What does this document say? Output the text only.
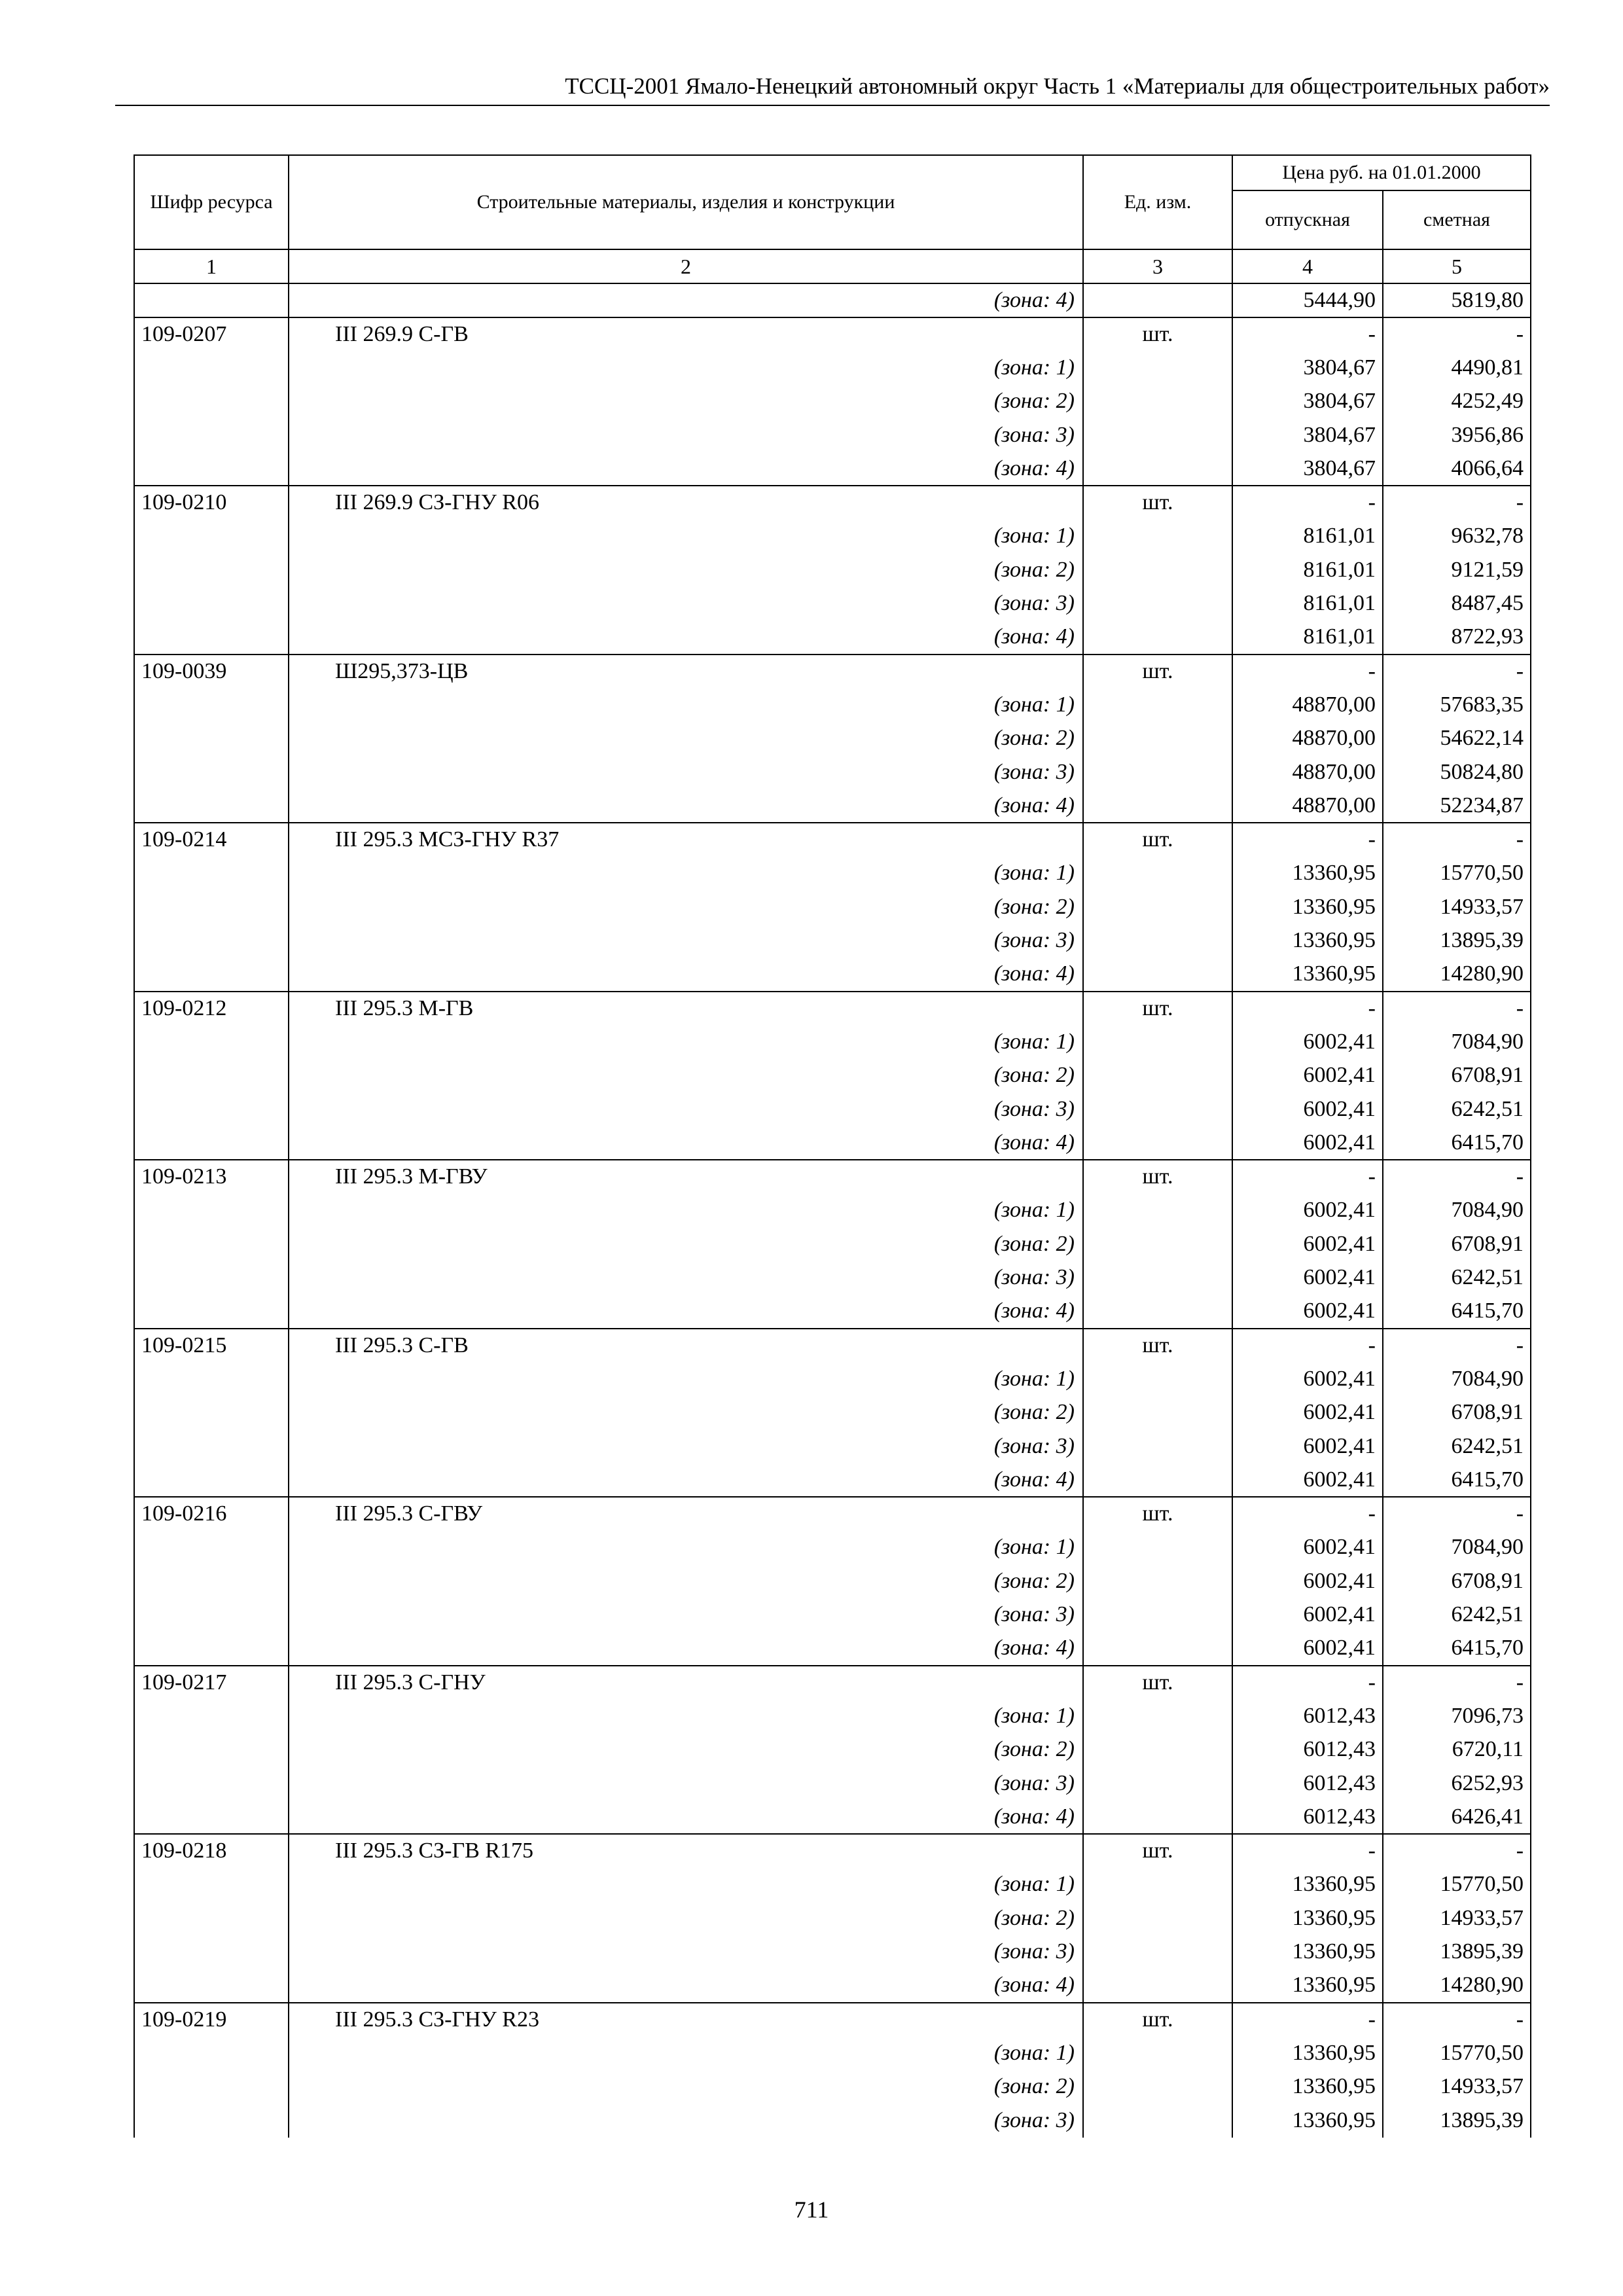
ТССЦ-2001 Ямало-Ненецкий автономный округ Часть 1 «Материалы для общестроительных работ»
Шифр ресурса	Строительные материалы, изделия и конструкции	Ед. изм.	Цена руб. на 01.01.2000	
			отпускная	сметная
1	2	3	4	5
	(зона: 4)		5444,90	5819,80
109-0207	III 269.9 С-ГВ	шт.	-	-
	(зона: 1)		3804,67	4490,81
	(зона: 2)		3804,67	4252,49
	(зона: 3)		3804,67	3956,86
	(зона: 4)		3804,67	4066,64
109-0210	III 269.9 СЗ-ГНУ R06	шт.	-	-
	(зона: 1)		8161,01	9632,78
	(зона: 2)		8161,01	9121,59
	(зона: 3)		8161,01	8487,45
	(зона: 4)		8161,01	8722,93
109-0039	Ш295,373-ЦВ	шт.	-	-
	(зона: 1)		48870,00	57683,35
	(зона: 2)		48870,00	54622,14
	(зона: 3)		48870,00	50824,80
	(зона: 4)		48870,00	52234,87
109-0214	III 295.3 МСЗ-ГНУ R37	шт.	-	-
	(зона: 1)		13360,95	15770,50
	(зона: 2)		13360,95	14933,57
	(зона: 3)		13360,95	13895,39
	(зона: 4)		13360,95	14280,90
109-0212	III 295.3 М-ГВ	шт.	-	-
	(зона: 1)		6002,41	7084,90
	(зона: 2)		6002,41	6708,91
	(зона: 3)		6002,41	6242,51
	(зона: 4)		6002,41	6415,70
109-0213	III 295.3 М-ГВУ	шт.	-	-
	(зона: 1)		6002,41	7084,90
	(зона: 2)		6002,41	6708,91
	(зона: 3)		6002,41	6242,51
	(зона: 4)		6002,41	6415,70
109-0215	III 295.3 С-ГВ	шт.	-	-
	(зона: 1)		6002,41	7084,90
	(зона: 2)		6002,41	6708,91
	(зона: 3)		6002,41	6242,51
	(зона: 4)		6002,41	6415,70
109-0216	III 295.3 С-ГВУ	шт.	-	-
	(зона: 1)		6002,41	7084,90
	(зона: 2)		6002,41	6708,91
	(зона: 3)		6002,41	6242,51
	(зона: 4)		6002,41	6415,70
109-0217	III 295.3 С-ГНУ	шт.	-	-
	(зона: 1)		6012,43	7096,73
	(зона: 2)		6012,43	6720,11
	(зона: 3)		6012,43	6252,93
	(зона: 4)		6012,43	6426,41
109-0218	III 295.3 СЗ-ГВ R175	шт.	-	-
	(зона: 1)		13360,95	15770,50
	(зона: 2)		13360,95	14933,57
	(зона: 3)		13360,95	13895,39
	(зона: 4)		13360,95	14280,90
109-0219	III 295.3 СЗ-ГНУ R23	шт.	-	-
	(зона: 1)		13360,95	15770,50
	(зона: 2)		13360,95	14933,57
	(зона: 3)		13360,95	13895,39
711
